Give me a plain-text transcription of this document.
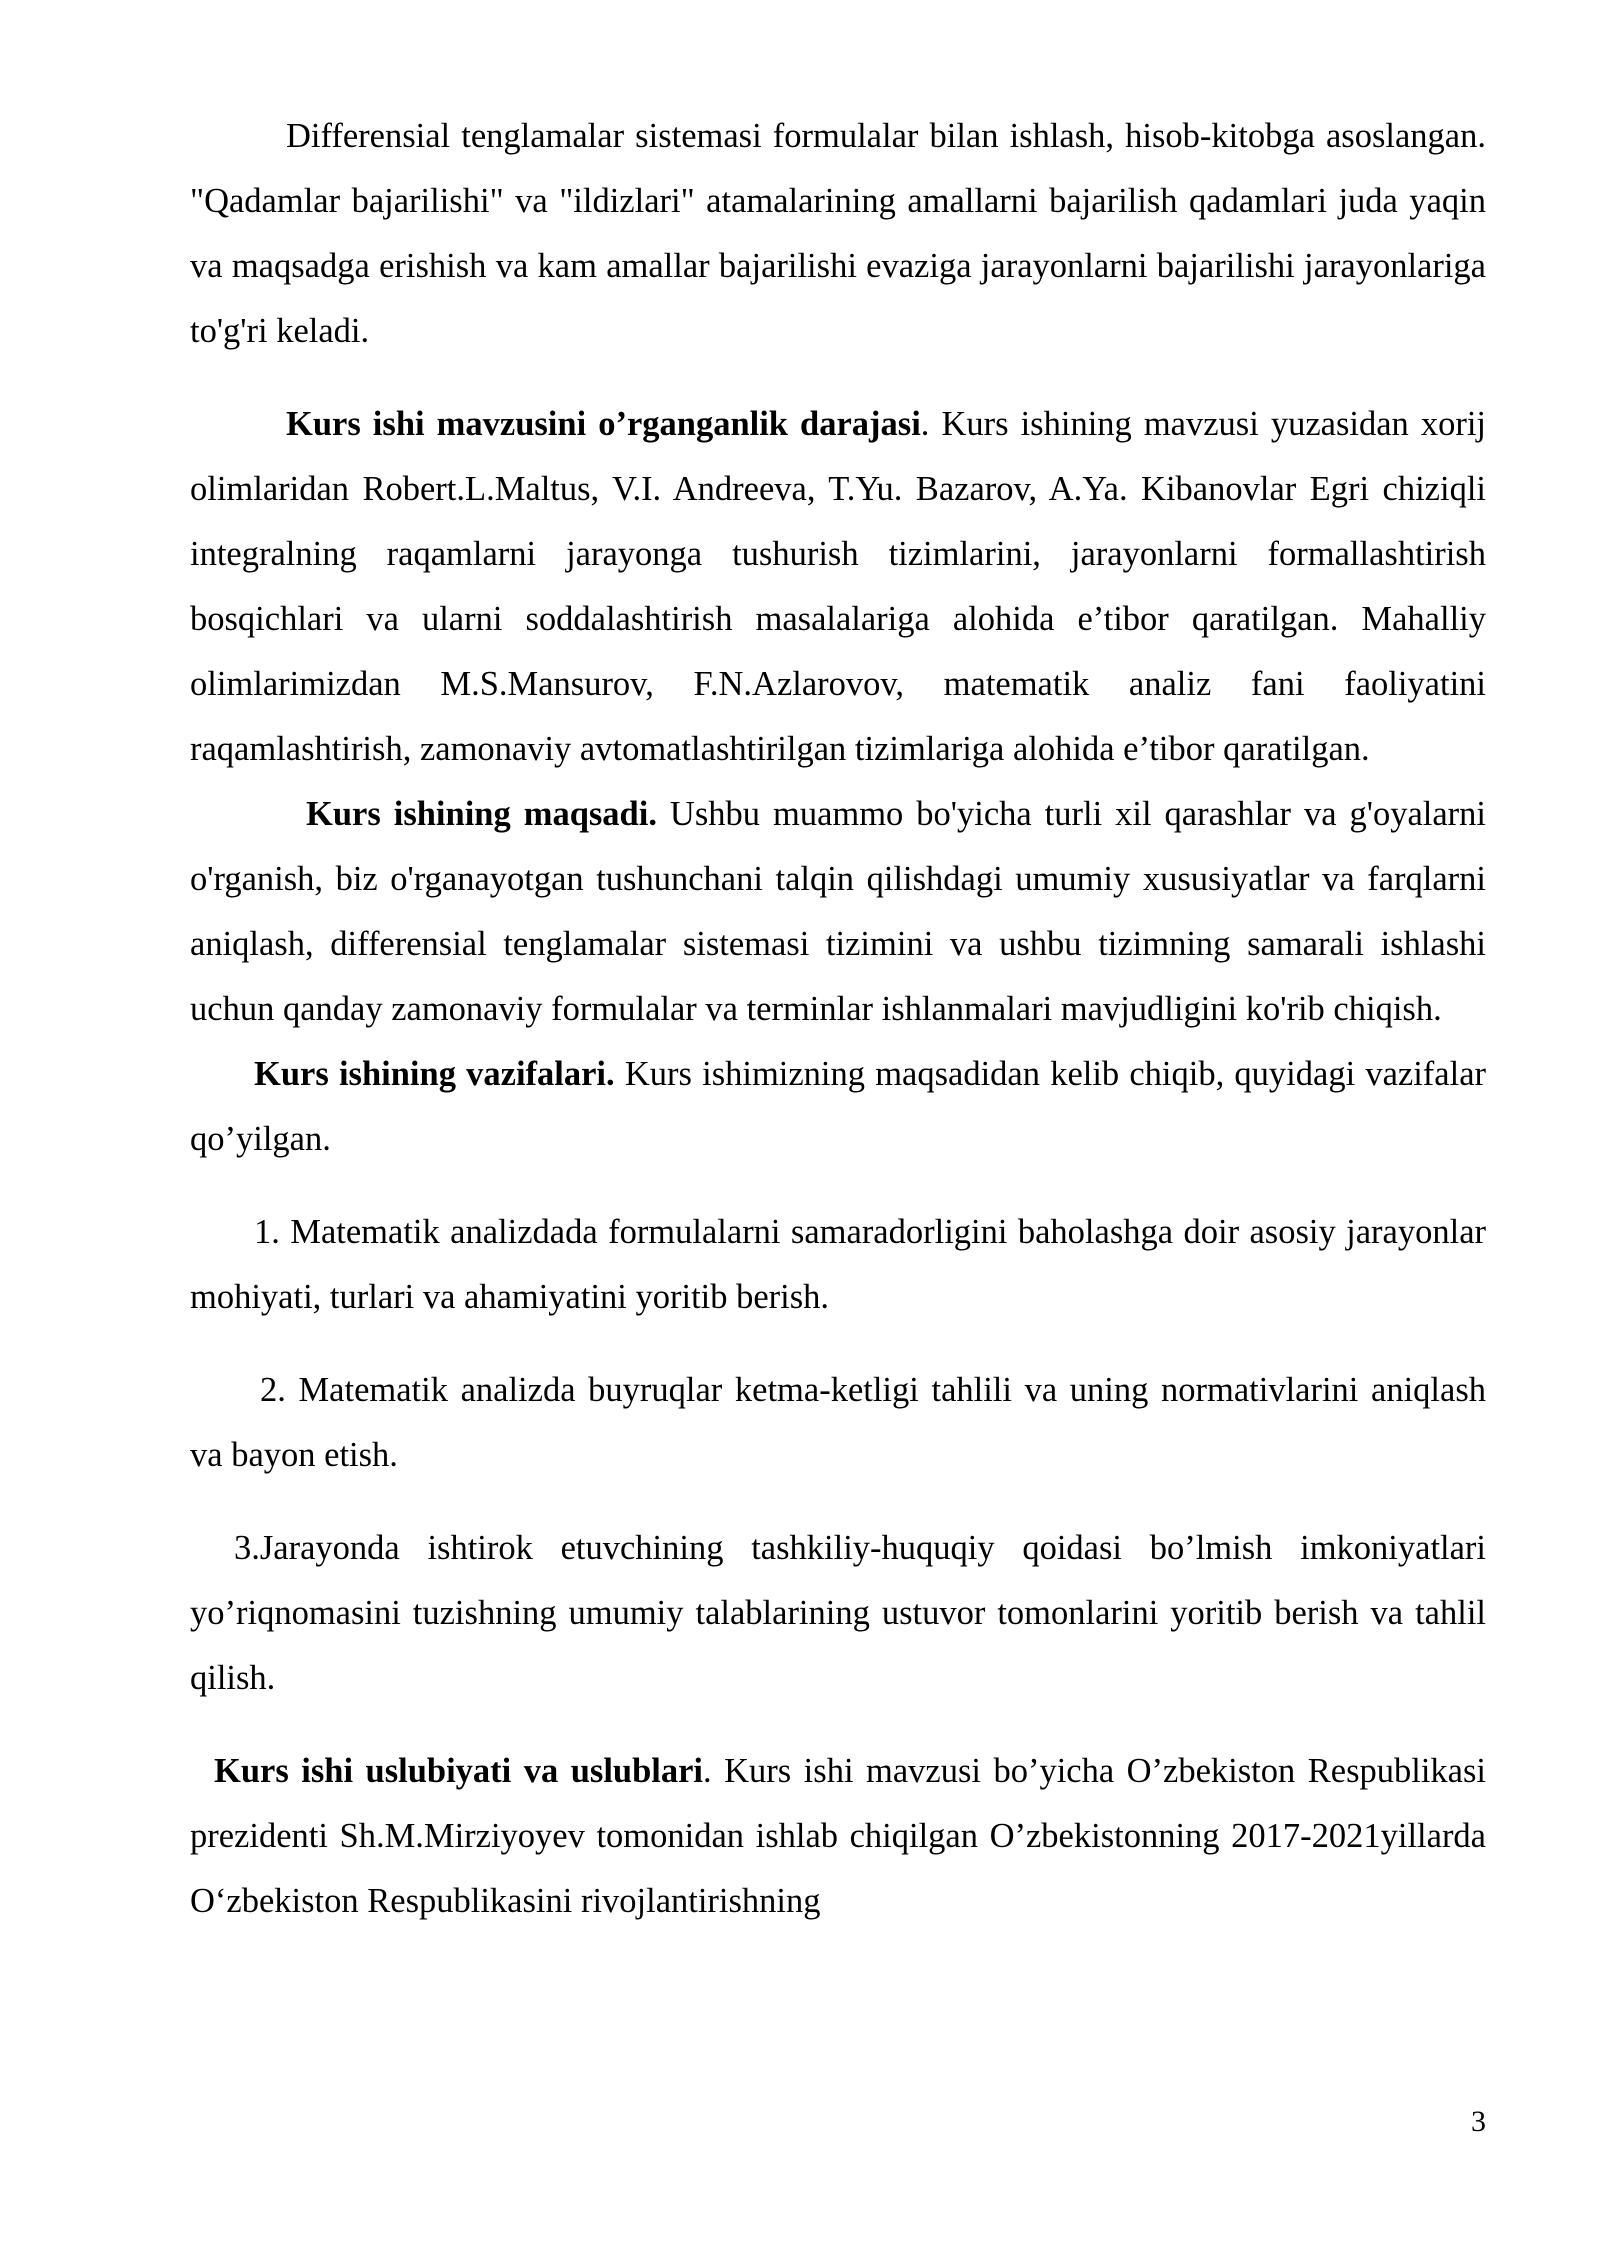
Differensial tenglamalar sistemasi formulalar bilan ishlash, hisob-kitobga asoslangan. "Qadamlar bajarilishi" va "ildizlari" atamalarining amallarni bajarilish qadamlari juda yaqin va maqsadga erishish va kam amallar bajarilishi evaziga jarayonlarni bajarilishi jarayonlariga to'g'ri keladi.

Kurs ishi mavzusini o’rganganlik darajasi. Kurs ishining mavzusi yuzasidan xorij olimlaridan Robert.L.Maltus, V.I. Andreeva, T.Yu. Bazarov, A.Ya. Kibanovlar Egri chiziqli integralning raqamlarni jarayonga tushurish tizimlarini, jarayonlarni formallashtirish bosqichlari va ularni soddalashtirish masalalariga alohida e’tibor qaratilgan. Mahalliy olimlarimizdan M.S.Mansurov, F.N.Azlarovov, matematik analiz fani faoliyatini raqamlashtirish, zamonaviy avtomatlashtirilgan tizimlariga alohida e’tibor qaratilgan.

Kurs ishining maqsadi. Ushbu muammo bo'yicha turli xil qarashlar va g'oyalarni o'rganish, biz o'rganayotgan tushunchani talqin qilishdagi umumiy xususiyatlar va farqlarni aniqlash, differensial tenglamalar sistemasi tizimini va ushbu tizimning samarali ishlashi uchun qanday zamonaviy formulalar va terminlar ishlanmalari mavjudligini ko'rib chiqish.

Kurs ishining vazifalari. Kurs ishimizning maqsadidan kelib chiqib, quyidagi vazifalar qo’yilgan.

1. Matematik analizdada formulalarni samaradorligini baholashga doir asosiy jarayonlar mohiyati, turlari va ahamiyatini yoritib berish.

2. Matematik analizda buyruqlar ketma-ketligi tahlili va uning normativlarini aniqlash va bayon etish.

3.Jarayonda ishtirok etuvchining tashkiliy-huquqiy qoidasi bo’lmish imkoniyatlari yo’riqnomasini tuzishning umumiy talablarining ustuvor tomonlarini yoritib berish va tahlil qilish.

Kurs ishi uslubiyati va uslublari. Kurs ishi mavzusi bo’yicha O’zbekiston Respublikasi prezidenti Sh.M.Mirziyoyev tomonidan ishlab chiqilgan O’zbekistonning 2017-2021yillarda O‘zbekiston Respublikasini rivojlantirishning

3
